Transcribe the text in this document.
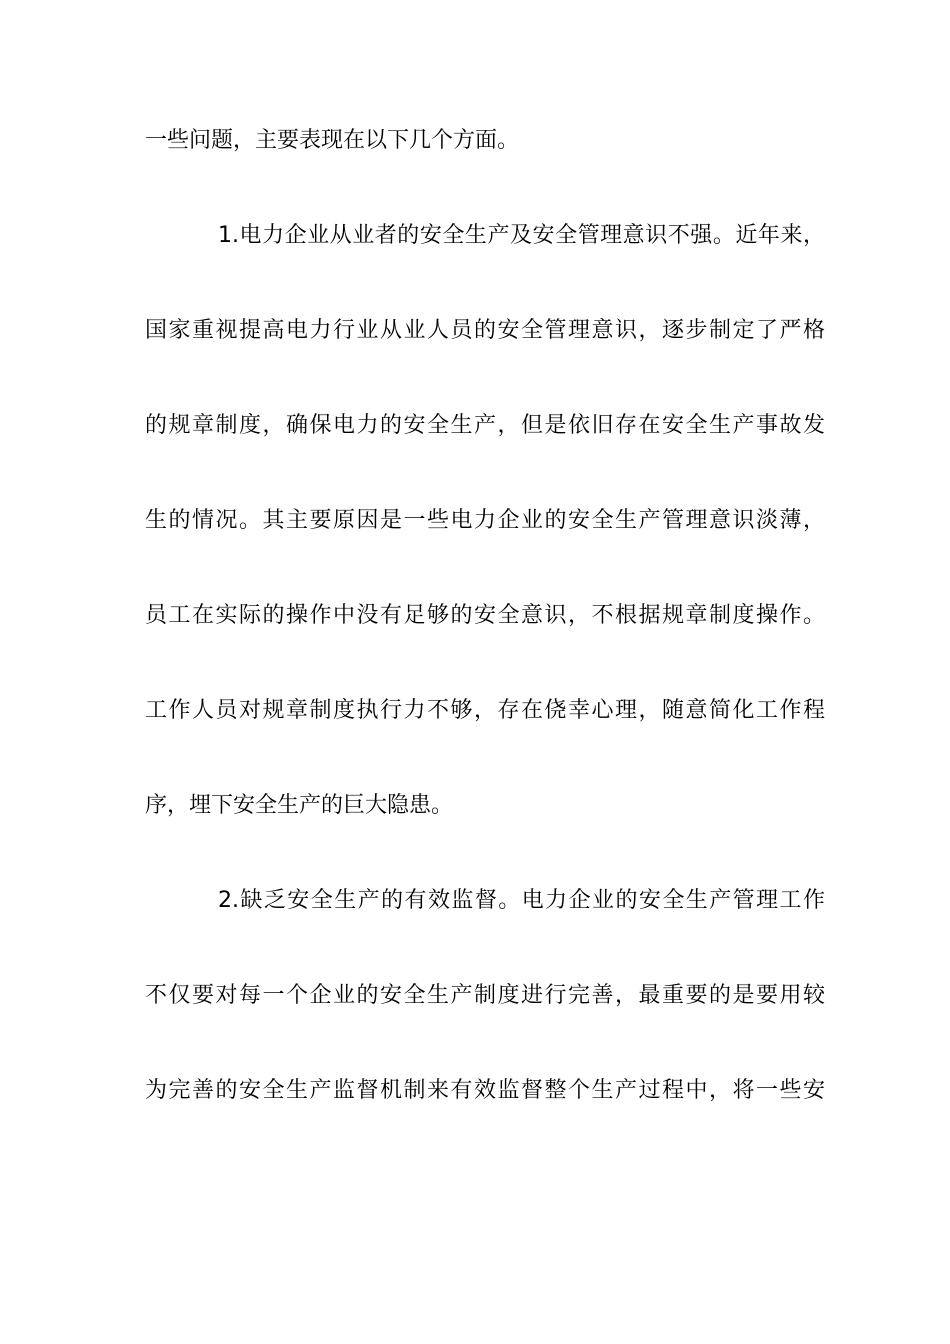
一些问题，主要表现在以下几个方面。
1.电力企业从业者的安全生产及安全管理意识不强。近年来，
国家重视提高电力行业从业人员的安全管理意识，逐步制定了严格
的规章制度，确保电力的安全生产，但是依旧存在安全生产事故发
生的情况。其主要原因是一些电力企业的安全生产管理意识淡薄，
员工在实际的操作中没有足够的安全意识，不根据规章制度操作。
工作人员对规章制度执行力不够，存在侥幸心理，随意简化工作程
序，埋下安全生产的巨大隐患。
2.缺乏安全生产的有效监督。电力企业的安全生产管理工作
不仅要对每一个企业的安全生产制度进行完善，最重要的是要用较
为完善的安全生产监督机制来有效监督整个生产过程中，将一些安
